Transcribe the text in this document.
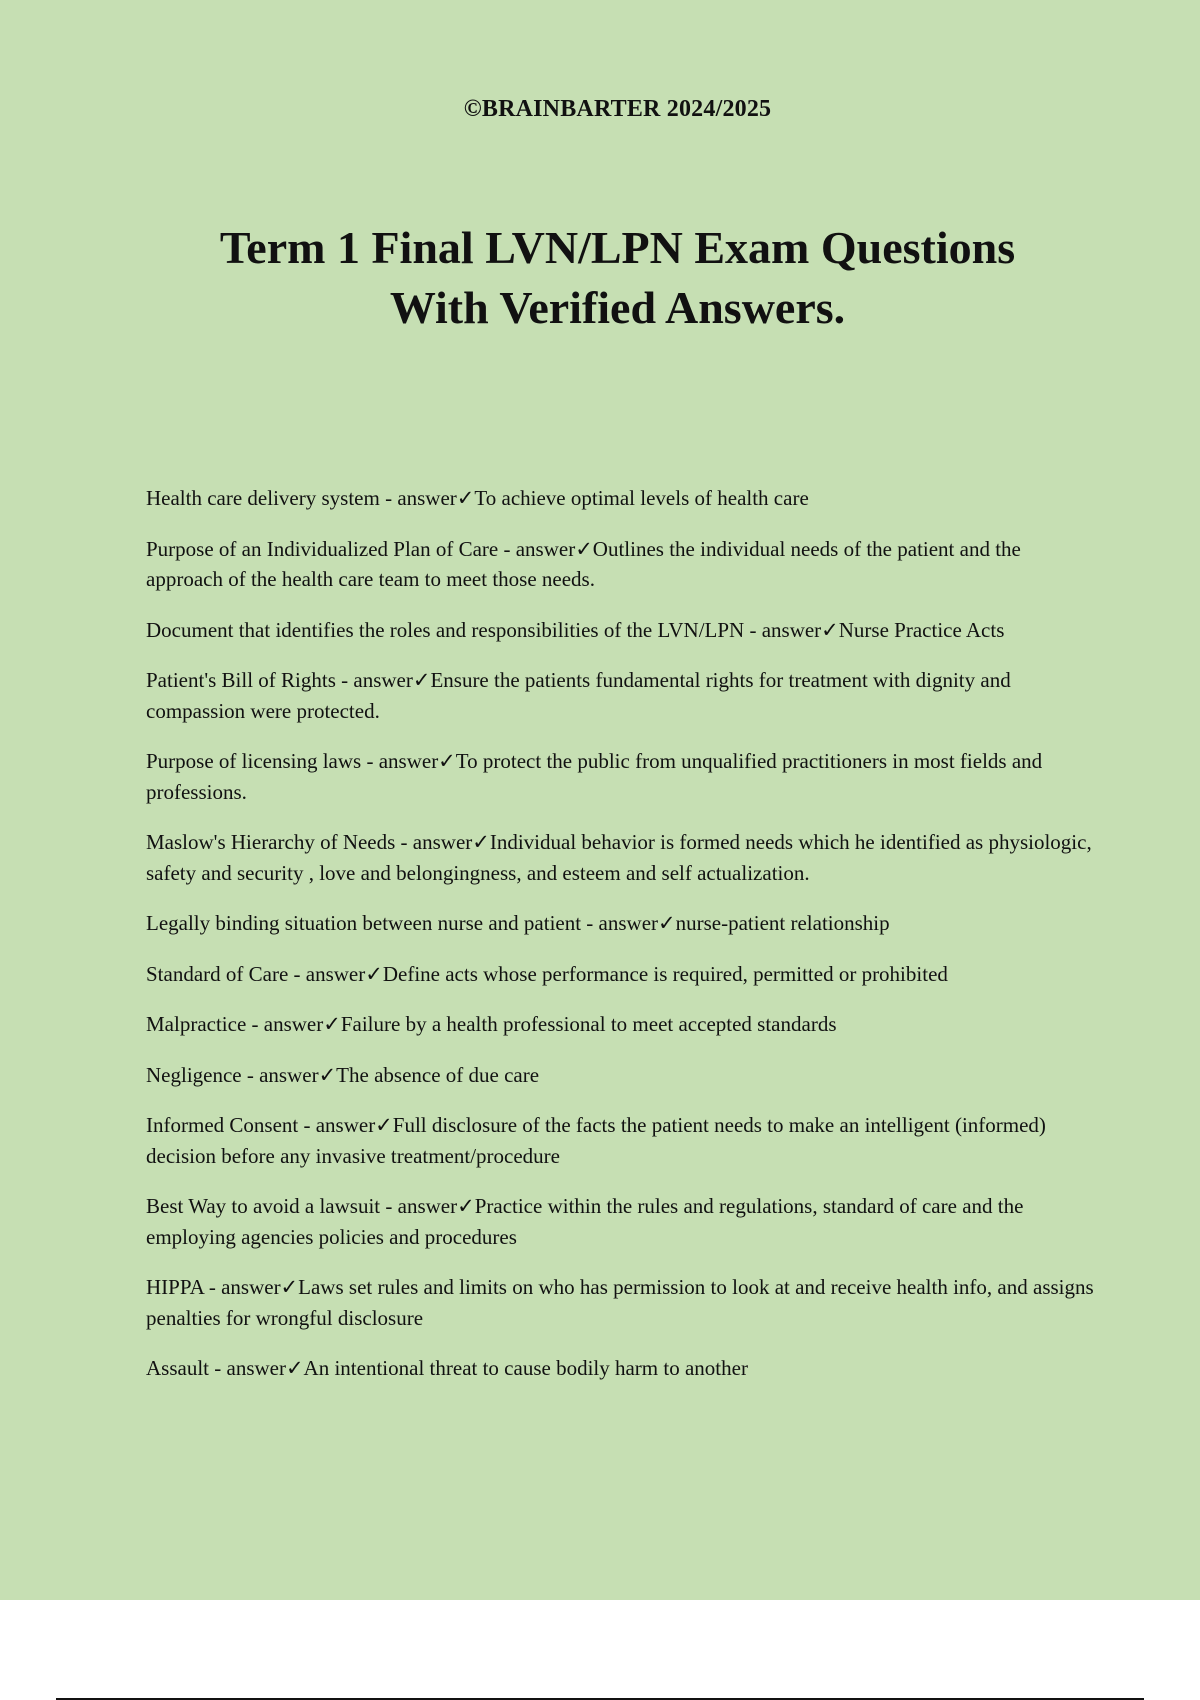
©BRAINBARTER 2024/2025
Term 1 Final LVN/LPN Exam Questions
With Verified Answers.
Health care delivery system - answer✓To achieve optimal levels of health care
Purpose of an Individualized Plan of Care - answer✓Outlines the individual needs of the patient and the approach of the health care team to meet those needs.
Document that identifies the roles and responsibilities of the LVN/LPN - answer✓Nurse Practice Acts
Patient's Bill of Rights - answer✓Ensure the patients fundamental rights for treatment with dignity and compassion were protected.
Purpose of licensing laws - answer✓To protect the public from unqualified practitioners in most fields and professions.
Maslow's Hierarchy of Needs - answer✓Individual behavior is formed needs which he identified as physiologic, safety and security , love and belongingness, and esteem and self actualization.
Legally binding situation between nurse and patient - answer✓nurse-patient relationship
Standard of Care - answer✓Define acts whose performance is required, permitted or prohibited
Malpractice - answer✓Failure by a health professional to meet accepted standards
Negligence - answer✓The absence of due care
Informed Consent - answer✓Full disclosure of the facts the patient needs to make an intelligent (informed) decision before any invasive treatment/procedure
Best Way to avoid a lawsuit - answer✓Practice within the rules and regulations, standard of care and the employing agencies policies and procedures
HIPPA - answer✓Laws set rules and limits on who has permission to look at and receive health info, and assigns penalties for wrongful disclosure
Assault - answer✓An intentional threat to cause bodily harm to another
